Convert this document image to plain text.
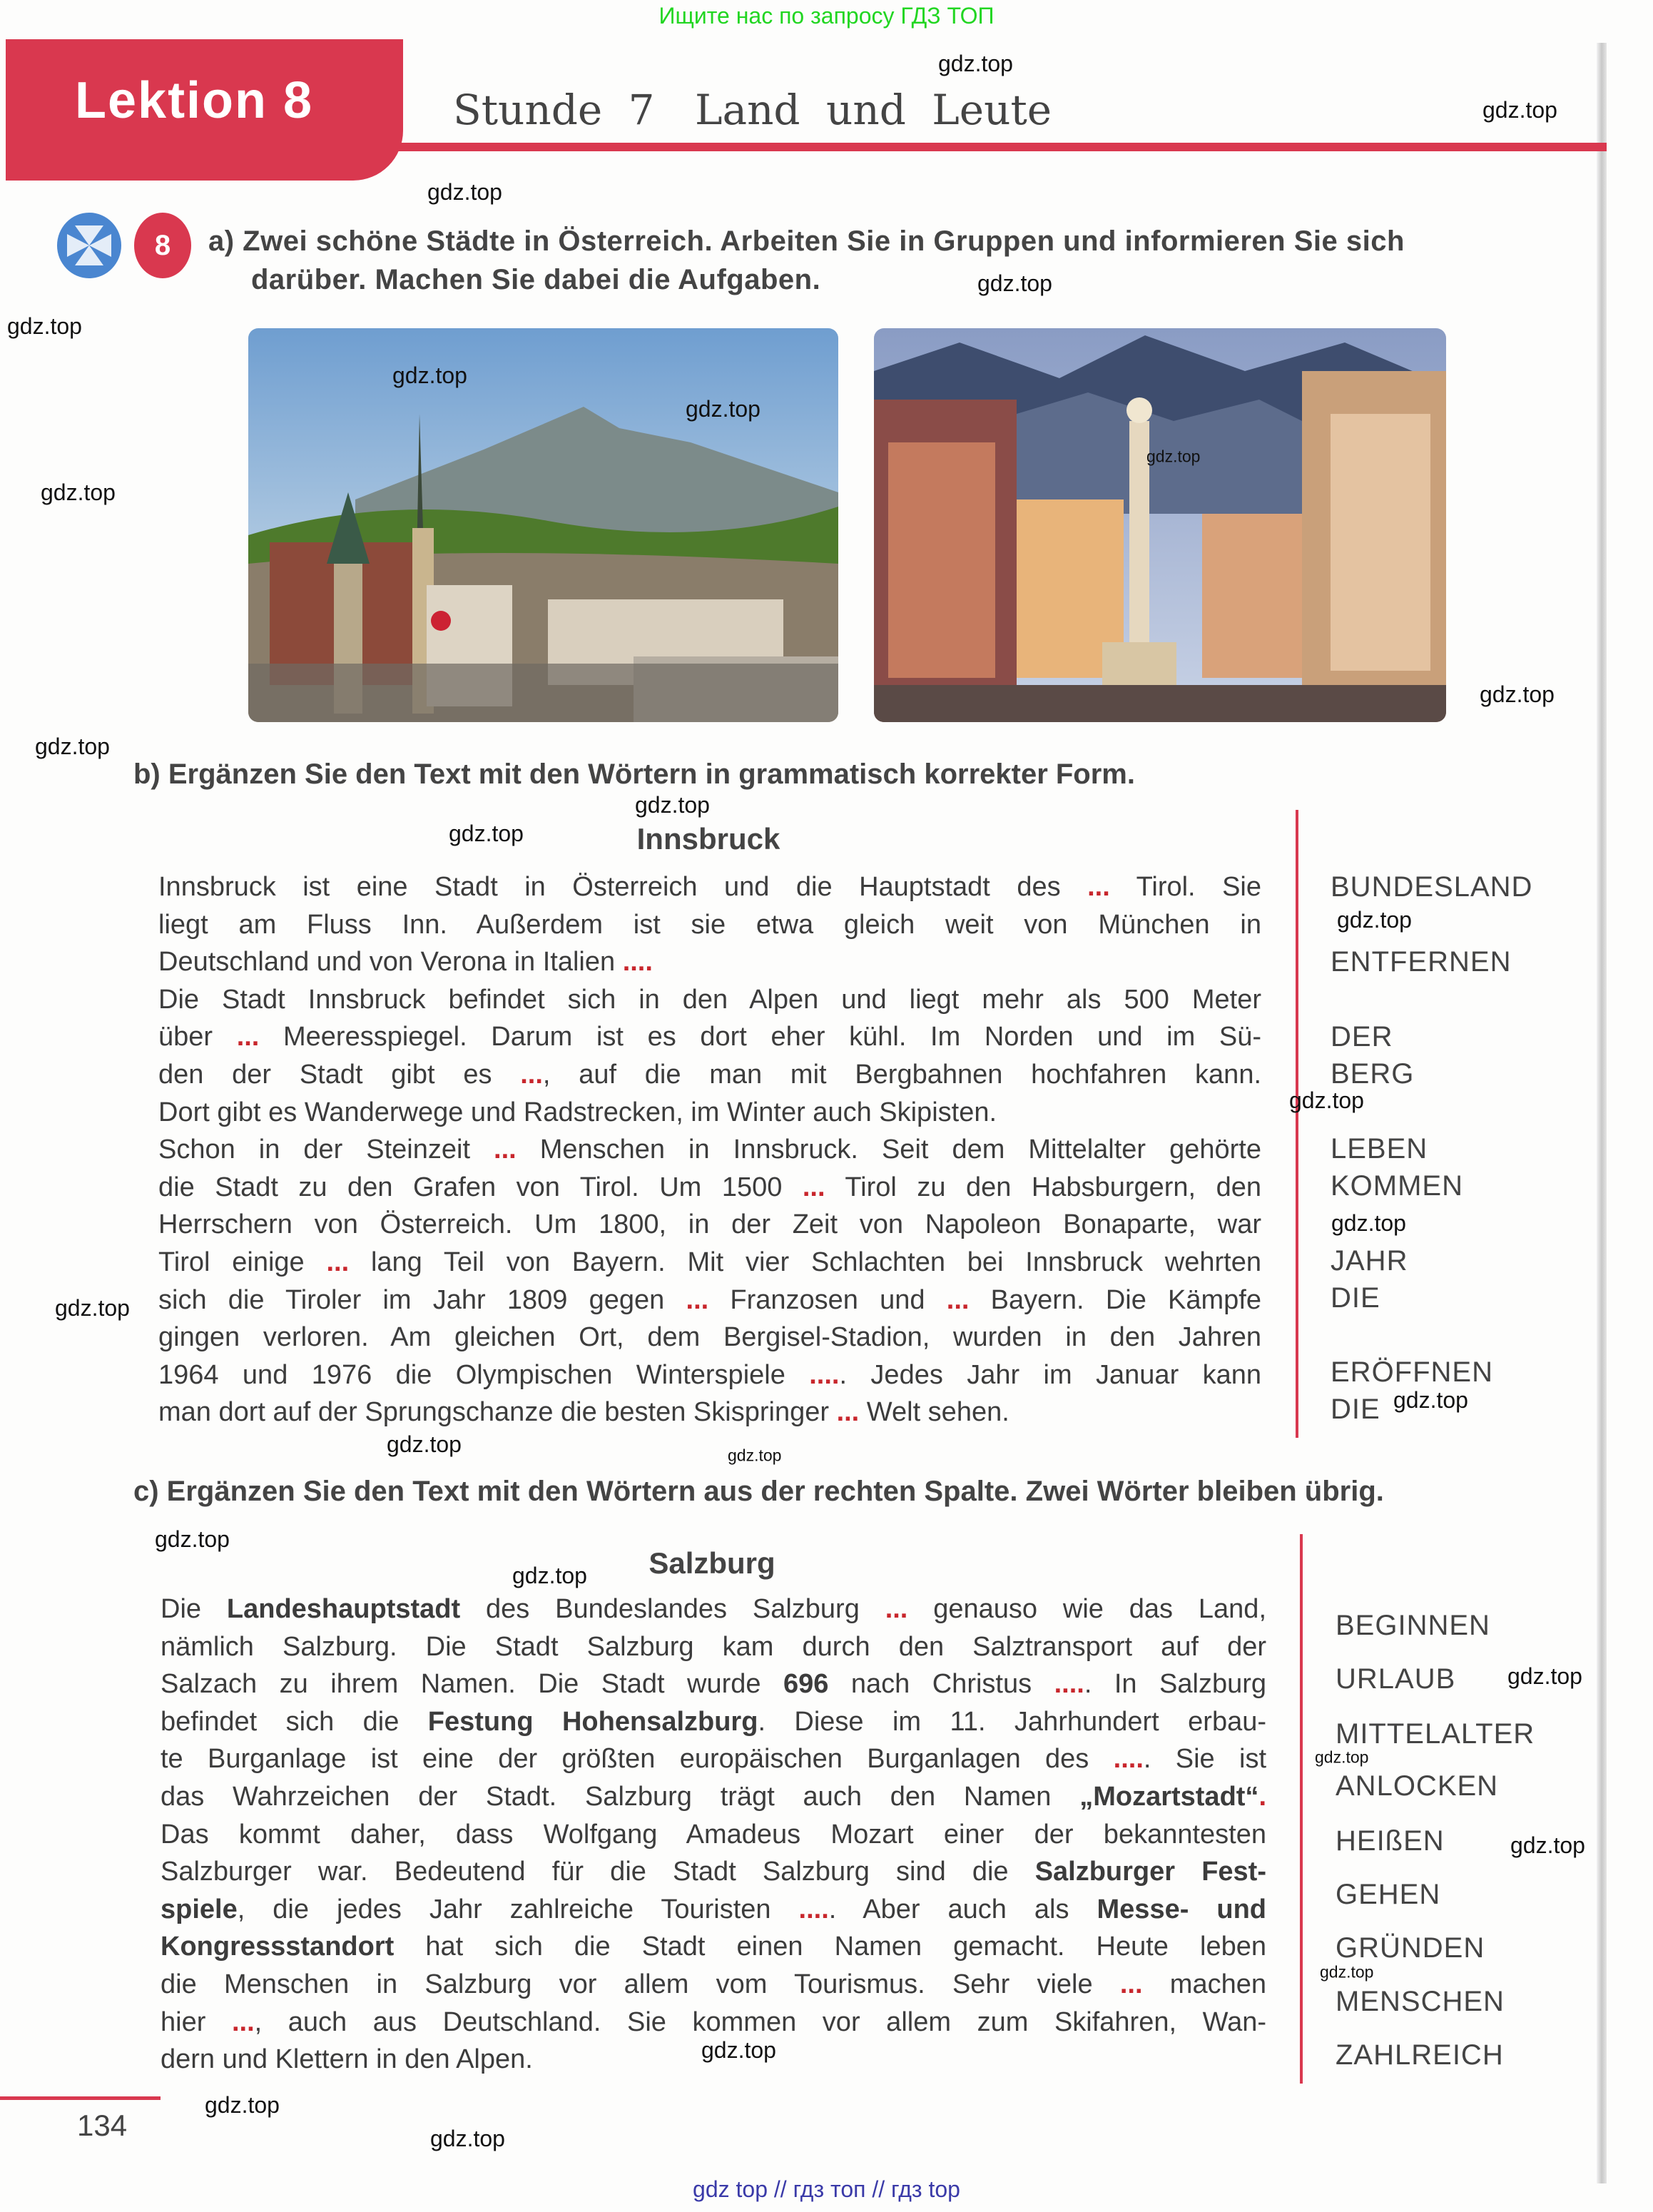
Ищите нас по запросу ГДЗ ТОП
Lektion 8	Stunde 7 Land und Leute
8	a) Zwei schöne Städte in Österreich. Arbeiten Sie in Gruppen und informieren Sie sich
darüber. Machen Sie dabei die Aufgaben.
b) Ergänzen Sie den Text mit den Wörtern in grammatisch korrekter Form.
Innsbruck
Innsbruck ist eine Stadt in Österreich und die Hauptstadt des ... Tirol. Sie
liegt am Fluss Inn. Außerdem ist sie etwa gleich weit von München in
Deutschland und von Verona in Italien ....
Die Stadt Innsbruck befindet sich in den Alpen und liegt mehr als 500 Meter
über ... Meeresspiegel. Darum ist es dort eher kühl. Im Norden und im Sü-
den der Stadt gibt es ..., auf die man mit Bergbahnen hochfahren kann.
Dort gibt es Wanderwege und Radstrecken, im Winter auch Skipisten.
Schon in der Steinzeit ... Menschen in Innsbruck. Seit dem Mittelalter gehörte
die Stadt zu den Grafen von Tirol. Um 1500 ... Tirol zu den Habsburgern, den
Herrschern von Österreich. Um 1800, in der Zeit von Napoleon Bonaparte, war
Tirol einige ... lang Teil von Bayern. Mit vier Schlachten bei Innsbruck wehrten
sich die Tiroler im Jahr 1809 gegen ... Franzosen und ... Bayern. Die Kämpfe
gingen verloren. Am gleichen Ort, dem Bergisel-Stadion, wurden in den Jahren
1964 und 1976 die Olympischen Winterspiele ..... Jedes Jahr im Januar kann
man dort auf der Sprungschanze die besten Skispringer ... Welt sehen.
BUNDESLAND
ENTFERNEN
DER
BERG
LEBEN
KOMMEN
JAHR
DIE
ERÖFFNEN
DIE
c) Ergänzen Sie den Text mit den Wörtern aus der rechten Spalte. Zwei Wörter bleiben übrig.
Salzburg
Die Landeshauptstadt des Bundeslandes Salzburg ... genauso wie das Land,
nämlich Salzburg. Die Stadt Salzburg kam durch den Salztransport auf der
Salzach zu ihrem Namen. Die Stadt wurde 696 nach Christus ..... In Salzburg
befindet sich die Festung Hohensalzburg. Diese im 11. Jahrhundert erbau-
te Burganlage ist eine der größten europäischen Burganlagen des ..... Sie ist
das Wahrzeichen der Stadt. Salzburg trägt auch den Namen „Mozartstadt“.
Das kommt daher, dass Wolfgang Amadeus Mozart einer der bekanntesten
Salzburger war. Bedeutend für die Stadt Salzburg sind die Salzburger Fest-
spiele, die jedes Jahr zahlreiche Touristen ..... Aber auch als Messe- und
Kongressstandort hat sich die Stadt einen Namen gemacht. Heute leben
die Menschen in Salzburg vor allem vom Tourismus. Sehr viele ... machen
hier ..., auch aus Deutschland. Sie kommen vor allem zum Skifahren, Wan-
dern und Klettern in den Alpen.
BEGINNEN
URLAUB
MITTELALTER
ANLOCKEN
HEIßEN
GEHEN
GRÜNDEN
MENSCHEN
ZAHLREICH
134
gdz top // гдз топ // гдз top
gdz.top
gdz.top
gdz.top
gdz.top
gdz.top
gdz.top
gdz.top
gdz.top
gdz.top
gdz.top
gdz.top
gdz.top
gdz.top
gdz.top
gdz.top
gdz.top
gdz.top
gdz.top
gdz.top	gdz.top
gdz.top
gdz.top
gdz.top
gdz.top
gdz.top
gdz.top
gdz.top
gdz.top
gdz.top
